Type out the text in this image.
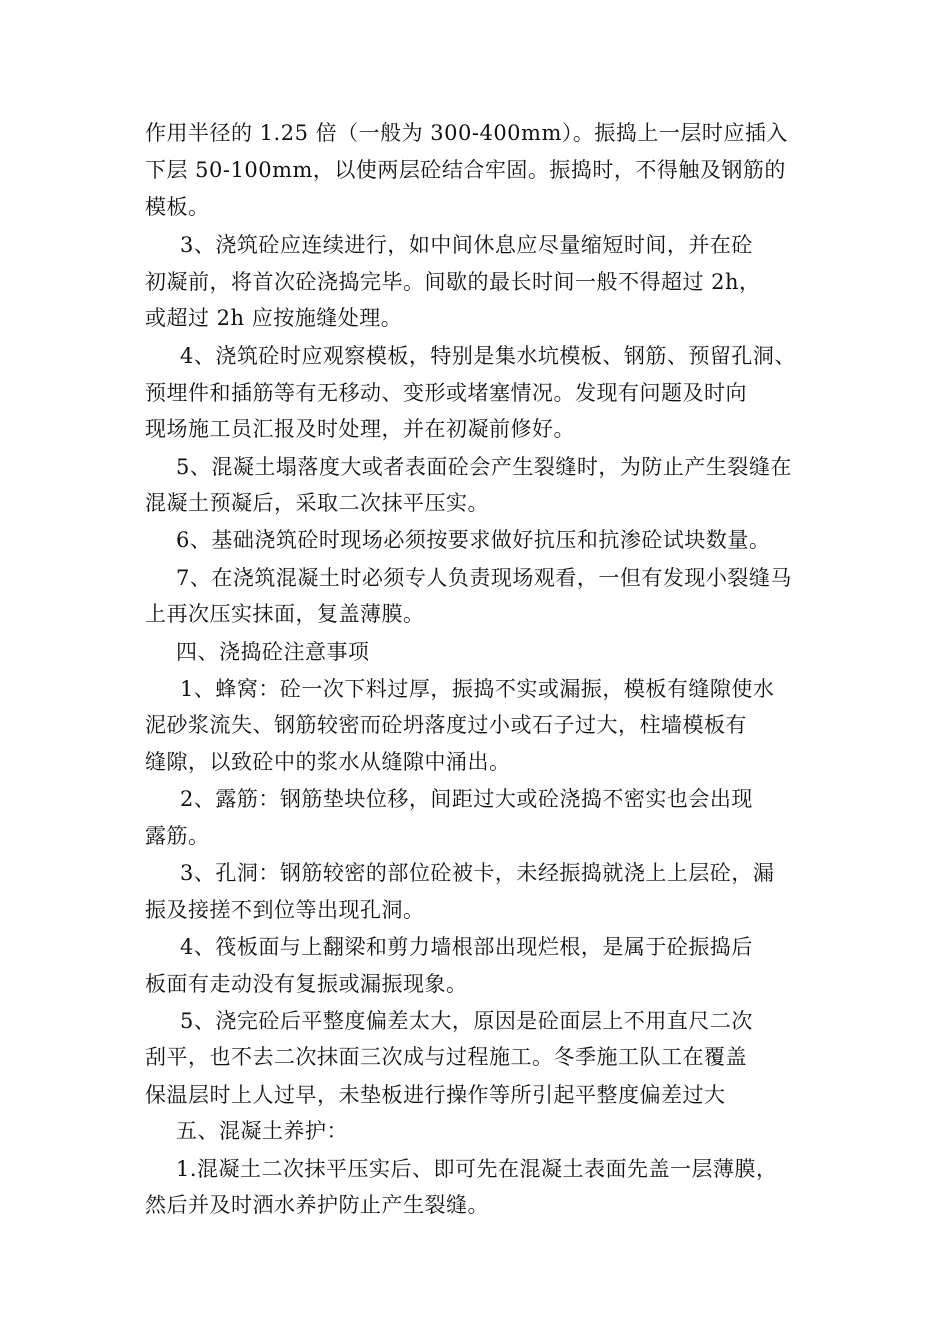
作用半径的 1.25 倍（一般为 300-400mm）。振捣上一层时应插入
下层 50-100mm，以使两层砼结合牢固。振捣时，不得触及钢筋的
模板。
3、浇筑砼应连续进行，如中间休息应尽量缩短时间，并在砼
初凝前，将首次砼浇捣完毕。间歇的最长时间一般不得超过 2h，
或超过 2h 应按施缝处理。
4、浇筑砼时应观察模板，特别是集水坑模板、钢筋、预留孔洞、
预埋件和插筋等有无移动、变形或堵塞情况。发现有问题及时向
现场施工员汇报及时处理，并在初凝前修好。
5、混凝土塌落度大或者表面砼会产生裂缝时，为防止产生裂缝在
混凝土预凝后，采取二次抹平压实。
6、基础浇筑砼时现场必须按要求做好抗压和抗渗砼试块数量。
7、在浇筑混凝土时必须专人负责现场观看，一但有发现小裂缝马
上再次压实抹面，复盖薄膜。
四、浇捣砼注意事项
1、蜂窝：砼一次下料过厚，振捣不实或漏振，模板有缝隙使水
泥砂浆流失、钢筋较密而砼坍落度过小或石子过大，柱墙模板有
缝隙，以致砼中的浆水从缝隙中涌出。
2、露筋：钢筋垫块位移，间距过大或砼浇捣不密实也会出现
露筋。
3、孔洞：钢筋较密的部位砼被卡，未经振捣就浇上上层砼，漏
振及接搓不到位等出现孔洞。
4、筏板面与上翻梁和剪力墙根部出现烂根，是属于砼振捣后
板面有走动没有复振或漏振现象。
5、浇完砼后平整度偏差太大，原因是砼面层上不用直尺二次
刮平，也不去二次抹面三次成与过程施工。冬季施工队工在覆盖
保温层时上人过早，未垫板进行操作等所引起平整度偏差过大
五、混凝土养护：
1.混凝土二次抹平压实后、即可先在混凝土表面先盖一层薄膜，
然后并及时洒水养护防止产生裂缝。
